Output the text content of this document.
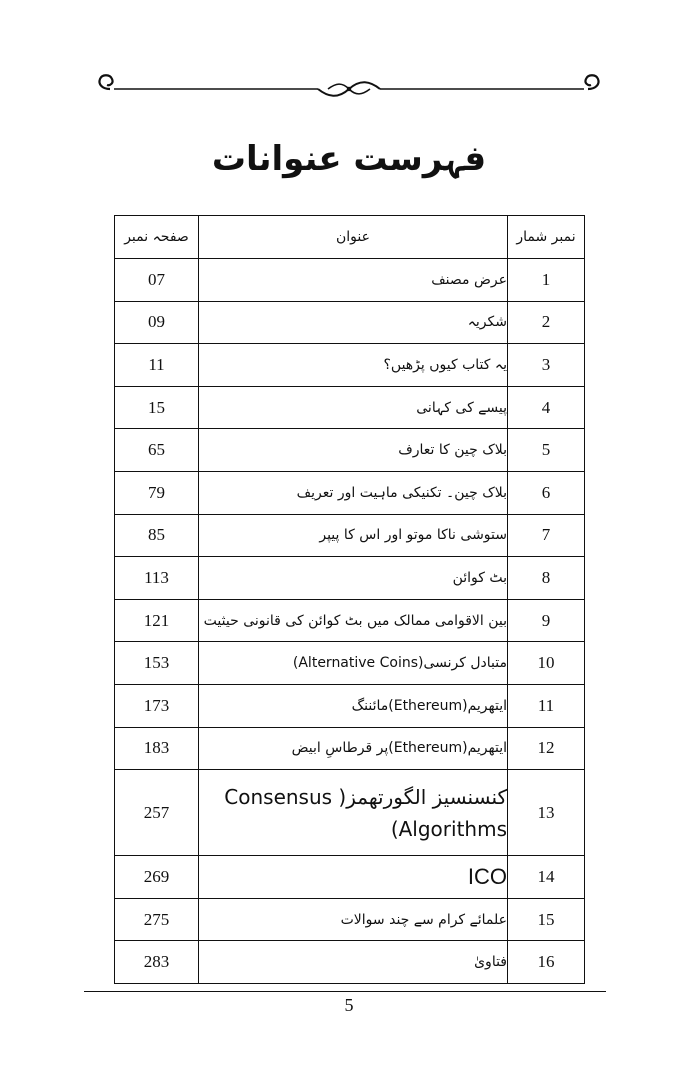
فہرست عنوانات
صفحہ نمبر	عنوان	نمبر شمار
07	عرض مصنف	1
09	شکریہ	2
11	یہ کتاب کیوں پڑھیں؟	3
15	پیسے کی کہانی	4
65	بلاک چین کا تعارف	5
79	بلاک چین۔ تکنیکی ماہیت اور تعریف	6
85	ستوشی ناکا موتو اور اس کا پیپر	7
113	بٹ کوائن	8
121	بین الاقوامی ممالک میں بٹ کوائن کی قانونی حیثیت	9
153	متبادل کرنسی(Alternative Coins)	10
173	ایتھریم(Ethereum)مائننگ	11
183	ایتھریم(Ethereum)پر قرطاسِ ابیض	12
257	کنسنسیز الگورتھمز( Consensus Algorithms)	13
269	ICO	14
275	علمائے کرام سے چند سوالات	15
283	فتاویٰ	16
5
